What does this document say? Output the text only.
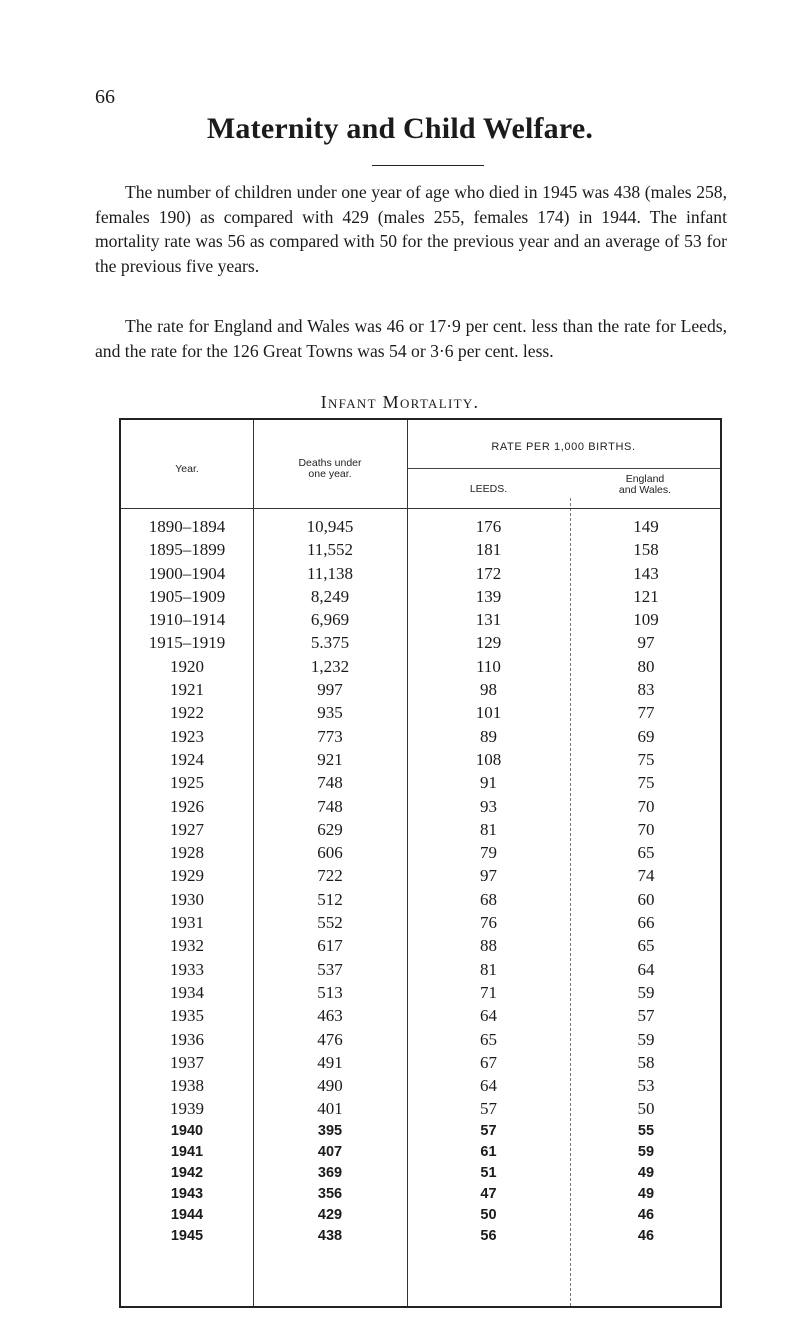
66
Maternity and Child Welfare.

The number of children under one year of age who died in 1945 was 438 (males 258, females 190) as compared with 429 (males 255, females 174) in 1944. The infant mortality rate was 56 as compared with 50 for the previous year and an average of 53 for the previous five years.

The rate for England and Wales was 46 or 17·9 per cent. less than the rate for Leeds, and the rate for the 126 Great Towns was 54 or 3·6 per cent. less.

Infant Mortality.
Year.	Deaths under
one year.
RATE PER 1,000 BIRTHS.
LEEDS.
England
and Wales.
1890–1894	10,945	176	149
1895–1899	11,552	181	158
1900–1904	11,138	172	143
1905–1909	8,249	139	121
1910–1914	6,969	131	109
1915–1919	5.375	129	97
1920	1,232	110	80
1921	997	98	83
1922	935	101	77
1923	773	89	69
1924	921	108	75
1925	748	91	75
1926	748	93	70
1927	629	81	70
1928	606	79	65
1929	722	97	74
1930	512	68	60
1931	552	76	66
1932	617	88	65
1933	537	81	64
1934	513	71	59
1935	463	64	57
1936	476	65	59
1937	491	67	58
1938	490	64	53
1939	401	57	50
1940	395	57	55
1941	407	61	59
1942	369	51	49
1943	356	47	49
1944	429	50	46
1945	438	56	46
